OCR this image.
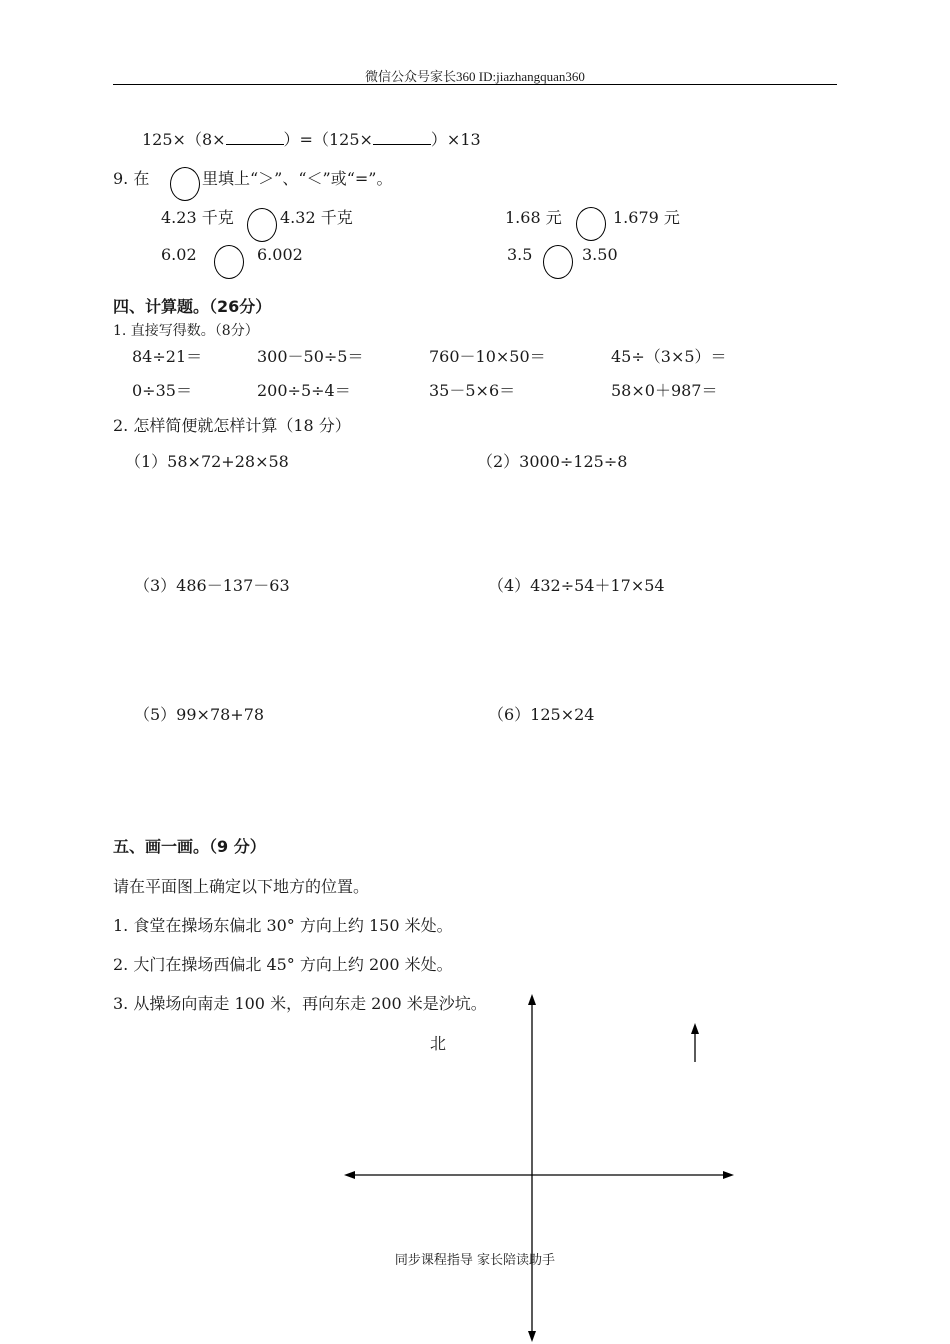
微信公众号家长360 ID:jiazhangquan360
125×（8×	）=（125×	）×13
9. 在	里填上“＞”、“＜”或“=”。
4.23 千克	4.32 千克	1.68 元	1.679 元
6.02	6.002	3.5	3.50
四、计算题。（26分）
1. 直接写得数。（8分）
84÷21＝	300－50÷5＝	760－10×50＝	45÷（3×5）＝
0÷35＝	200÷5÷4＝	35－5×6＝	58×0＋987＝
2. 怎样简便就怎样计算（18 分）
（1）58×72+28×58	（2）3000÷125÷8
（3）486－137－63	（4）432÷54＋17×54
（5）99×78+78	（6）125×24
五、画一画。（9 分）
请在平面图上确定以下地方的位置。
1. 食堂在操场东偏北 30° 方向上约 150 米处。
2. 大门在操场西偏北 45° 方向上约 200 米处。
3. 从操场向南走 100 米，再向东走 200 米是沙坑。
北
同步课程指导 家长陪读助手
